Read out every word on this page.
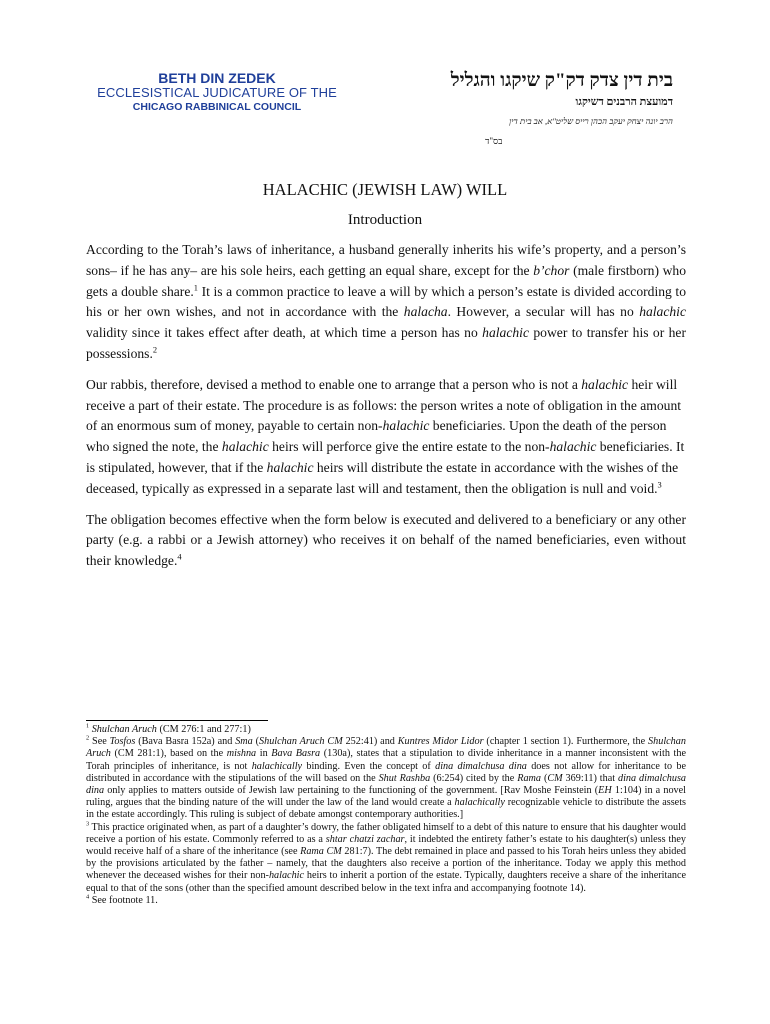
BETH DIN ZEDEK
ECCLESISTICAL JUDICATURE OF THE
CHICAGO RABBINICAL COUNCIL
בית דין צדק דק"ק שיקגו והגליל
דמועצת הרבנים דשיקגו
הרב יונה יצחק יעקב הכהן רייס שליט"א, אב בית דין
בס"ד
HALACHIC (JEWISH LAW) WILL
Introduction

According to the Torah’s laws of inheritance, a husband generally inherits his wife’s property, and a person’s sons– if he has any– are his sole heirs, each getting an equal share, except for the b’chor (male firstborn) who gets a double share.$^1$ It is a common practice to leave a will by which a person’s estate is divided according to his or her own wishes, and not in accordance with the halacha. However, a secular will has no halachic validity since it takes effect after death, at which time a person has no halachic power to transfer his or her possessions.$^2$

Our rabbis, therefore, devised a method to enable one to arrange that a person who is not a halachic heir will receive a part of their estate. The procedure is as follows: the person writes a note of obligation in the amount of an enormous sum of money, payable to certain non-halachic beneficiaries. Upon the death of the person who signed the note, the halachic heirs will perforce give the entire estate to the non-halachic beneficiaries. It is stipulated, however, that if the halachic heirs will distribute the estate in accordance with the wishes of the deceased, typically as expressed in a separate last will and testament, then the obligation is null and void.$^3$

The obligation becomes effective when the form below is executed and delivered to a beneficiary or any other party (e.g. a rabbi or a Jewish attorney) who receives it on behalf of the named beneficiaries, even without their knowledge.$^4$

$^1$ Shulchan Aruch (CM 276:1 and 277:1)

$^2$ See Tosfos (Bava Basra 152a) and Sma (Shulchan Aruch CM 252:41) and Kuntres Midor Lidor (chapter 1 section 1). Furthermore, the Shulchan Aruch (CM 281:1), based on the mishna in Bava Basra (130a), states that a stipulation to divide inheritance in a manner inconsistent with the Torah principles of inheritance, is not halachically binding. Even the concept of dina dimalchusa dina does not allow for inheritance to be distributed in accordance with the stipulations of the will based on the Shut Rashba (6:254) cited by the Rama (CM 369:11) that dina dimalchusa dina only applies to matters outside of Jewish law pertaining to the functioning of the government. [Rav Moshe Feinstein (EH 1:104) in a novel ruling, argues that the binding nature of the will under the law of the land would create a halachically recognizable vehicle to distribute the assets in the estate accordingly. This ruling is subject of debate amongst contemporary authorities.]

$^3$ This practice originated when, as part of a daughter’s dowry, the father obligated himself to a debt of this nature to ensure that his daughter would receive a portion of his estate. Commonly referred to as a shtar chatzi zachar, it indebted the entirety father’s estate to his daughter(s) unless they would receive half of a share of the inheritance (see Rama CM 281:7). The debt remained in place and passed to his Torah heirs unless they abided by the provisions articulated by the father – namely, that the daughters also receive a portion of the inheritance. Today we apply this method whenever the deceased wishes for their non-halachic heirs to inherit a portion of the estate. Typically, daughters receive a share of the inheritance equal to that of the sons (other than the specified amount described below in the text infra and accompanying footnote 14).

$^4$ See footnote 11.
